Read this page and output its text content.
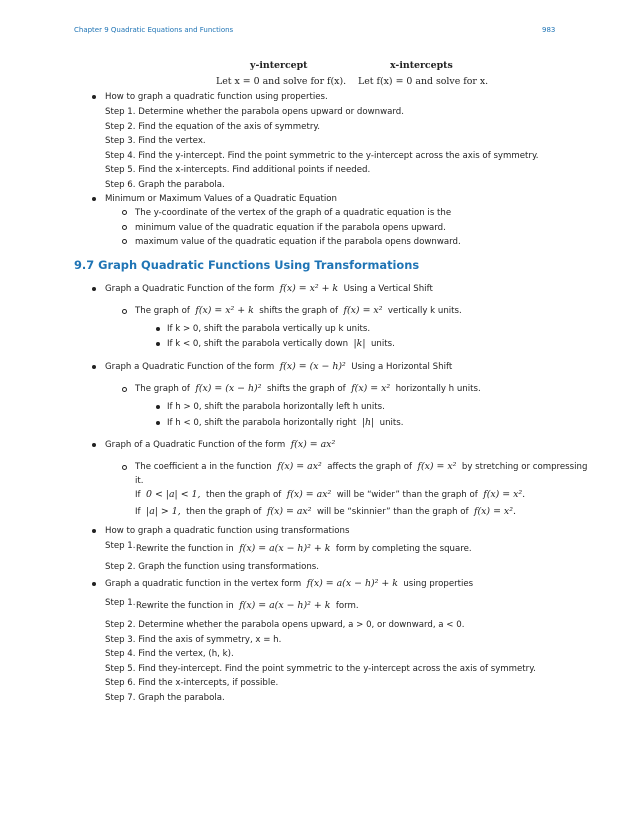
Chapter 9 Quadratic Equations and Functions	983
y-intercept	x-intercepts
Let x = 0 and solve for f(x). Let f(x) = 0 and solve for x.
How to graph a quadratic function using properties.
Step 1. Determine whether the parabola opens upward or downward.
Step 2. Find the equation of the axis of symmetry.
Step 3. Find the vertex.
Step 4. Find the y-intercept. Find the point symmetric to the y-intercept across the axis of symmetry.
Step 5. Find the x-intercepts. Find additional points if needed.
Step 6. Graph the parabola.
Minimum or Maximum Values of a Quadratic Equation
The y-coordinate of the vertex of the graph of a quadratic equation is the
minimum value of the quadratic equation if the parabola opens upward.
maximum value of the quadratic equation if the parabola opens downward.
9.7 Graph Quadratic Functions Using Transformations
Graph a Quadratic Function of the form f(x) = x² + k Using a Vertical Shift
The graph of f(x) = x² + k shifts the graph of f(x) = x² vertically k units.
If k > 0, shift the parabola vertically up k units.
If k < 0, shift the parabola vertically down |k| units.
Graph a Quadratic Function of the form f(x) = (x − h)² Using a Horizontal Shift
The graph of f(x) = (x − h)² shifts the graph of f(x) = x² horizontally h units.
If h > 0, shift the parabola horizontally left h units.
If h < 0, shift the parabola horizontally right |h| units.
Graph of a Quadratic Function of the form f(x) = ax²
The coefficient a in the function f(x) = ax² affects the graph of f(x) = x² by stretching or compressing
it.
If 0 < |a| < 1, then the graph of f(x) = ax² will be “wider” than the graph of f(x) = x².
If |a| > 1, then the graph of f(x) = ax² will be “skinnier” than the graph of f(x) = x².
How to graph a quadratic function using transformations
Step 1. Rewrite the function in f(x) = a(x − h)² + k form by completing the square.
Step 2. Graph the function using transformations.
Graph a quadratic function in the vertex form f(x) = a(x − h)² + k using properties
Step 1. Rewrite the function in f(x) = a(x − h)² + k form.
Step 2. Determine whether the parabola opens upward, a > 0, or downward, a < 0.
Step 3. Find the axis of symmetry, x = h.
Step 4. Find the vertex, (h, k).
Step 5. Find they-intercept. Find the point symmetric to the y-intercept across the axis of symmetry.
Step 6. Find the x-intercepts, if possible.
Step 7. Graph the parabola.
